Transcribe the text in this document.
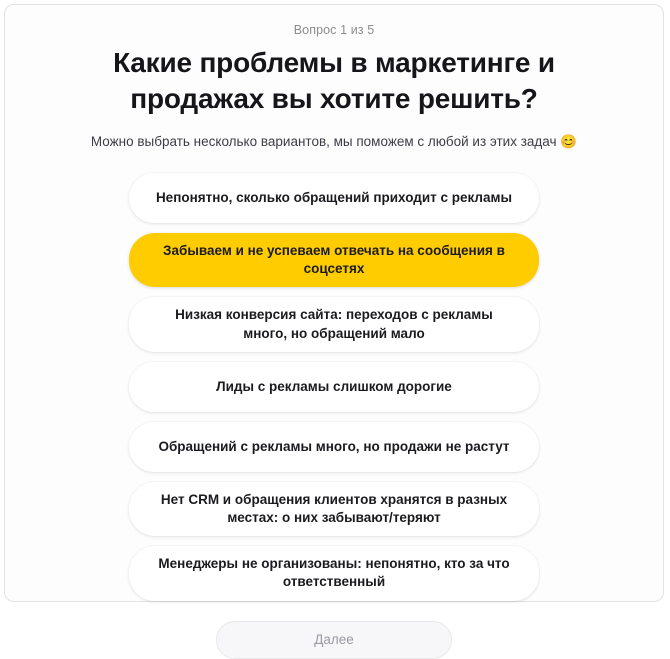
Вопрос 1 из 5
Какие проблемы в маркетинге и продажах вы хотите решить?
Можно выбрать несколько вариантов, мы поможем с любой из этих задач 😊
Непонятно, сколько обращений приходит с рекламы
Забываем и не успеваем отвечать на сообщения в соцсетях
Низкая конверсия сайта: переходов с рекламы много, но обращений мало
Лиды с рекламы слишком дорогие
Обращений с рекламы много, но продажи не растут
Нет CRM и обращения клиентов хранятся в разных местах: о них забывают/теряют
Менеджеры не организованы: непонятно, кто за что ответственный
Далее
